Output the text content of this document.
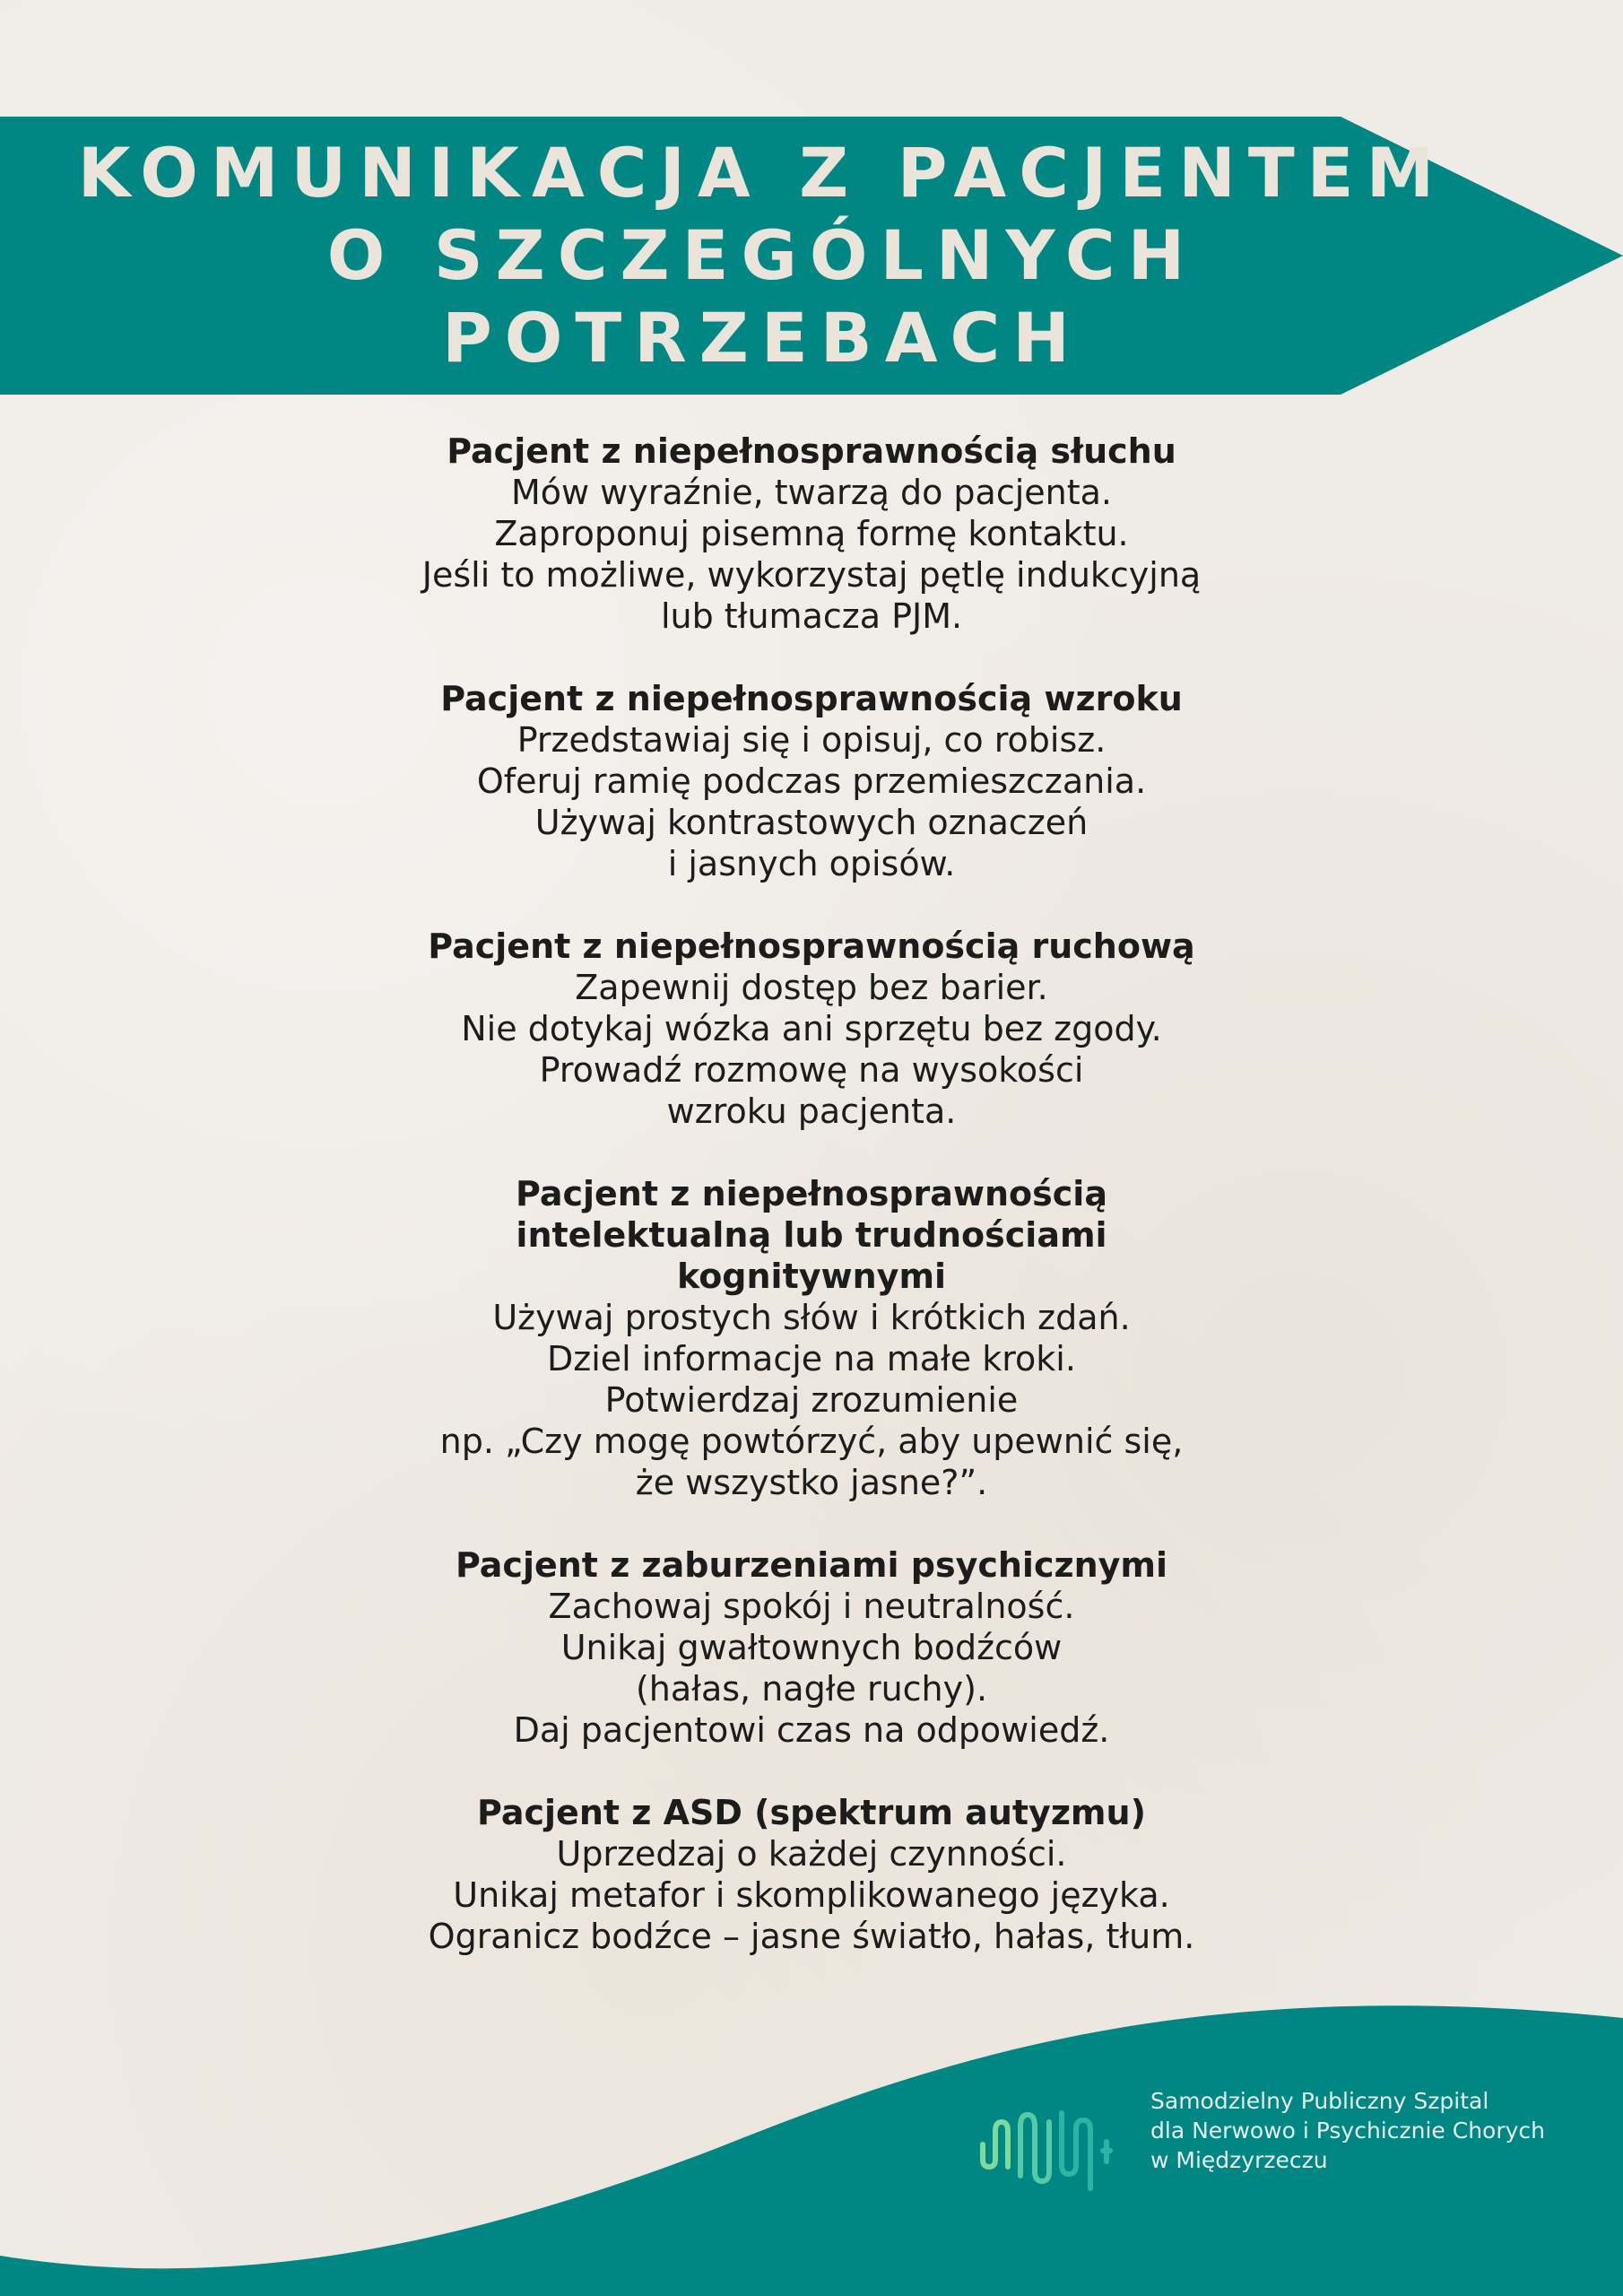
KOMUNIKACJA Z PACJENTEM
O SZCZEGÓLNYCH POTRZEBACH
Pacjent z niepełnosprawnością słuchu

Mów wyraźnie, twarzą do pacjenta.

Zaproponuj pisemną formę kontaktu.

Jeśli to możliwe, wykorzystaj pętlę indukcyjną

lub tłumacza PJM.

Pacjent z niepełnosprawnością wzroku

Przedstawiaj się i opisuj, co robisz.

Oferuj ramię podczas przemieszczania.

Używaj kontrastowych oznaczeń

i jasnych opisów.

Pacjent z niepełnosprawnością ruchową

Zapewnij dostęp bez barier.

Nie dotykaj wózka ani sprzętu bez zgody.

Prowadź rozmowę na wysokości

wzroku pacjenta.

Pacjent z niepełnosprawnością intelektualną lub trudnościami kognitywnymi

Używaj prostych słów i krótkich zdań.

Dziel informacje na małe kroki.

Potwierdzaj zrozumienie

np. „Czy mogę powtórzyć, aby upewnić się,

że wszystko jasne?”.

Pacjent z zaburzeniami psychicznymi

Zachowaj spokój i neutralność.

Unikaj gwałtownych bodźców

(hałas, nagłe ruchy).

Daj pacjentowi czas na odpowiedź.

Pacjent z ASD (spektrum autyzmu)

Uprzedzaj o każdej czynności.

Unikaj metafor i skomplikowanego języka.

Ogranicz bodźce – jasne światło, hałas, tłum.

Samodzielny Publiczny Szpital
dla Nerwowo i Psychicznie Chorych
w Międzyrzeczu
